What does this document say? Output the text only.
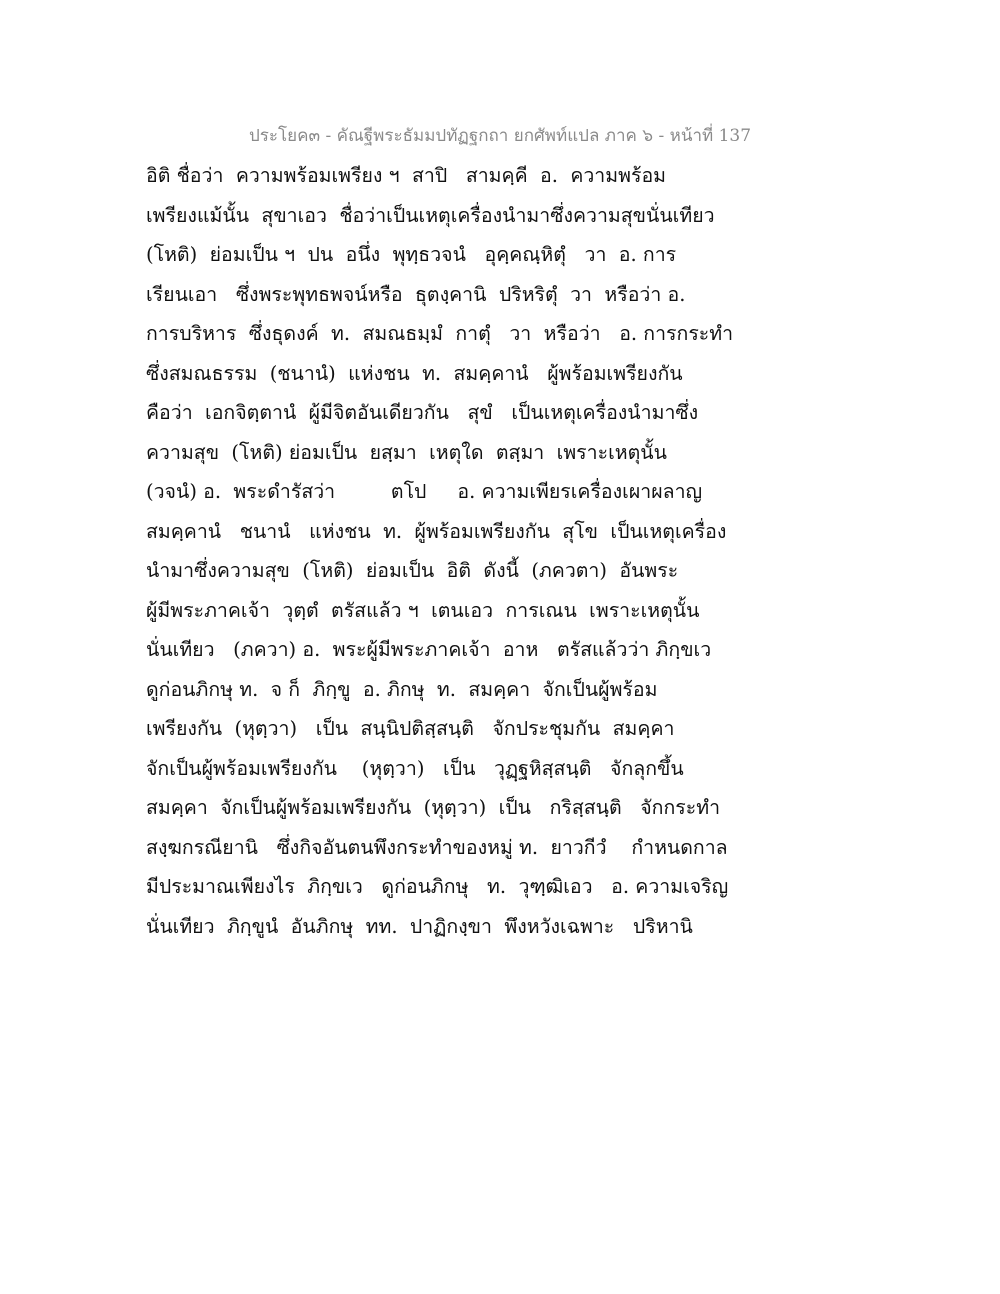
ประโยค๓ - คัณฐีพระธัมมปทัฏฐกถา ยกศัพท์แปล ภาค ๖ - หน้าที่ 137
อิติ ชื่อว่า  ความพร้อมเพรียง ฯ  สาปิ   สามคฺคี  อ.  ความพร้อม
เพรียงแม้นั้น  สุขาเอว  ชื่อว่าเป็นเหตุเครื่องนำมาซึ่งความสุขนั่นเทียว
(โหติ)  ย่อมเป็น ฯ  ปน  อนึ่ง  พุทฺธวจนํ   อุคฺคณฺหิตุํ   วา  อ. การ
เรียนเอา   ซึ่งพระพุทธพจน์หรือ  ธุตงฺคานิ  ปริหริตุํ  วา  หรือว่า อ.
การบริหาร  ซึ่งธุดงค์  ท.  สมณธมฺมํ  กาตุํ   วา  หรือว่า   อ. การกระทำ
ซึ่งสมณธรรม  (ชนานํ)  แห่งชน  ท.  สมคฺคานํ   ผู้พร้อมเพรียงกัน
คือว่า  เอกจิตฺตานํ  ผู้มีจิตอันเดียวกัน   สุขํ   เป็นเหตุเครื่องนำมาซึ่ง
ความสุข  (โหติ) ย่อมเป็น  ยสฺมา  เหตุใด  ตสฺมา  เพราะเหตุนั้น
(วจนํ) อ.  พระดำรัสว่า         ตโป     อ. ความเพียรเครื่องเผาผลาญ
สมคฺคานํ   ชนานํ   แห่งชน  ท.  ผู้พร้อมเพรียงกัน  สุโข  เป็นเหตุเครื่อง
นำมาซึ่งความสุข  (โหติ)  ย่อมเป็น  อิติ  ดังนี้  (ภควตา)  อันพระ
ผู้มีพระภาคเจ้า  วุตฺตํ  ตรัสแล้ว ฯ  เตนเอว  การเณน  เพราะเหตุนั้น
นั่นเทียว   (ภควา) อ.  พระผู้มีพระภาคเจ้า  อาห   ตรัสแล้วว่า ภิกฺขเว
ดูก่อนภิกษุ ท.  จ ก็  ภิกฺขู  อ. ภิกษุ  ท.  สมคฺคา  จักเป็นผู้พร้อม
เพรียงกัน  (หุตฺวา)   เป็น  สนฺนิปติสฺสนฺติ   จักประชุมกัน  สมคฺคา
จักเป็นผู้พร้อมเพรียงกัน    (หุตฺวา)   เป็น   วุฏฺฐหิสฺสนฺติ   จักลุกขึ้น
สมคฺคา  จักเป็นผู้พร้อมเพรียงกัน  (หุตฺวา)  เป็น   กริสฺสนฺติ   จักกระทำ
สงฺฆกรณียานิ   ซึ่งกิจอันตนพึงกระทำของหมู่ ท.  ยาวกีวํ    กำหนดกาล
มีประมาณเพียงไร  ภิกฺขเว   ดูก่อนภิกษุ   ท.  วุฑฺฒิเอว   อ. ความเจริญ
นั่นเทียว  ภิกฺขูนํ  อันภิกษุ  ทท.  ปาฏิกงฺขา  พึงหวังเฉพาะ   ปริหานิ
